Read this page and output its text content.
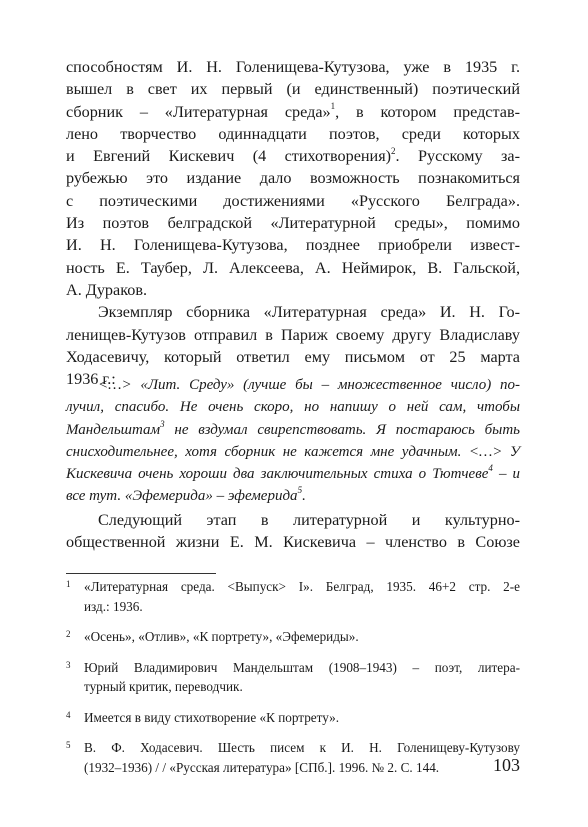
способностям И. Н. Голенищева-Кутузова, уже в 1935 г.
вышел в свет их первый (и единственный) поэтический
сборник – «Литературная среда»$^1$, в котором представ-
лено творчество одиннадцати поэтов, среди которых
и Евгений Кискевич (4 стихотворения)$^2$. Русскому за-
рубежью это издание дало возможность познакомиться
с поэтическими достижениями «Русского Белграда».
Из поэтов белградской «Литературной среды», помимо
И. Н. Голенищева-Кутузова, позднее приобрели извест-
ность Е. Таубер, Л. Алексеева, А. Неймирок, В. Гальской,
А. Дураков.
Экземпляр сборника «Литературная среда» И. Н. Го-
ленищев-Кутузов отправил в Париж своему другу Владиславу
Ходасевичу, который ответил ему письмом от 25 марта
1936 г.:
<…> «Лит. Среду» (лучше бы – множественное число) по-
лучил, спасибо. Не очень скоро, но напишу о ней сам, чтобы
Мандельштам$^3$ не вздумал свирепствовать. Я постараюсь быть
снисходительнее, хотя сборник не кажется мне удачным. <…> У
Кискевича очень хороши два заключительных стиха о Тютчеве$^4$ – и
все тут. «Эфемерида» – эфемерида$^5$.
Следующий этап в литературной и культурно-
общественной жизни Е. М. Кискевича – членство в Союзе
1	«Литературная среда. <Выпуск> I». Белград, 1935. 46+2 стр. 2-е
изд.: 1936.
2	«Осень», «Отлив», «К портрету», «Эфемериды».
3	Юрий Владимирович Мандельштам (1908–1943) – поэт, литера-
турный критик, переводчик.
4	Имеется в виду стихотворение «К портрету».
5	В. Ф. Ходасевич. Шесть писем к И. Н. Голенищеву-Кутузову
(1932–1936) / / «Русская литература» [СПб.]. 1996. № 2. С. 144.	103
